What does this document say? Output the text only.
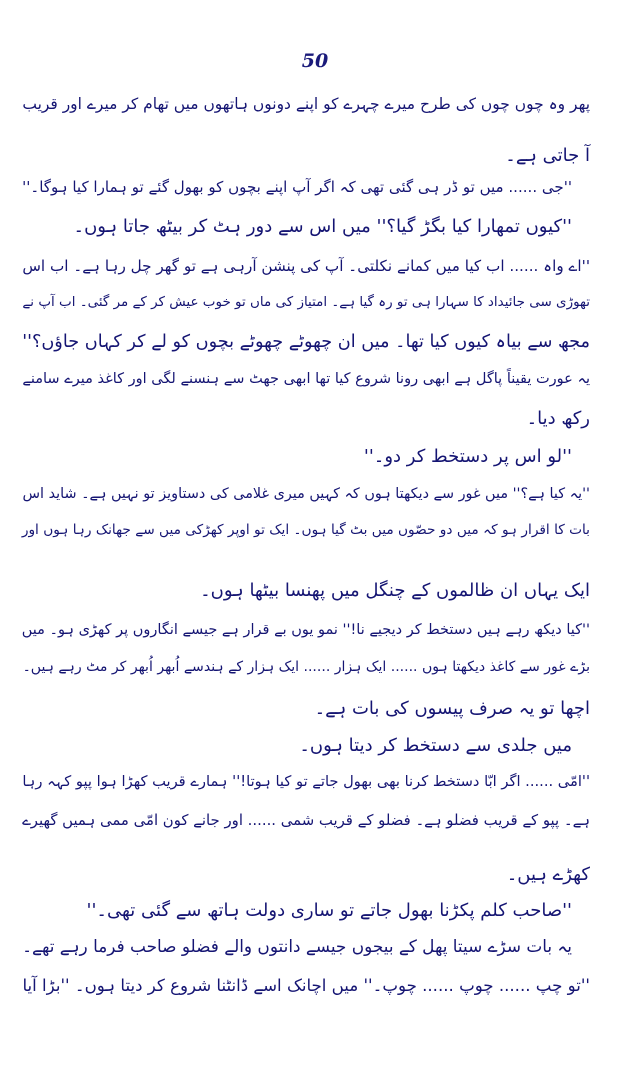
50
پھر وہ چوں چوں کی طرح میرے چہرے کو اپنے دونوں ہاتھوں میں تھام کر میرے اور قریب
آ جاتی ہے۔
''جی ...... میں تو ڈر ہی گئی تھی کہ اگر آپ اپنے بچوں کو بھول گئے تو ہمارا کیا ہوگا۔''
''کیوں تمھارا کیا بگڑ گیا؟'' میں اس سے دور ہٹ کر بیٹھ جاتا ہوں۔
''اے واہ ...... اب کیا میں کمانے نکلتی۔ آپ کی پنشن آرہی ہے تو گھر چل رہا ہے۔ اب اس
تھوڑی سی جائیداد کا سہارا ہی تو رہ گیا ہے۔ امتیاز کی ماں تو خوب عیش کر کے مر گئی۔ اب آپ نے
مجھ سے بیاہ کیوں کیا تھا۔ میں ان چھوٹے چھوٹے بچوں کو لے کر کہاں جاؤں؟''
یہ عورت یقیناً پاگل ہے ابھی رونا شروع کیا تھا ابھی جھٹ سے ہنسنے لگی اور کاغذ میرے سامنے
رکھ دیا۔
''لو اس پر دستخط کر دو۔''
''یہ کیا ہے؟'' میں غور سے دیکھتا ہوں کہ کہیں میری غلامی کی دستاویز تو نہیں ہے۔ شاید اس
بات کا اقرار ہو کہ میں دو حصّوں میں بٹ گیا ہوں۔ ایک تو اوپر کھڑکی میں سے جھانک رہا ہوں اور
ایک یہاں ان ظالموں کے چنگل میں پھنسا بیٹھا ہوں۔
''کیا دیکھ رہے ہیں دستخط کر دیجیے نا!'' نمو یوں بے قرار ہے جیسے انگاروں پر کھڑی ہو۔ میں
بڑے غور سے کاغذ دیکھتا ہوں ...... ایک ہزار ...... ایک ہزار کے ہندسے اُبھر اُبھر کر مٹ رہے ہیں۔
اچھا تو یہ صرف پیسوں کی بات ہے۔
میں جلدی سے دستخط کر دیتا ہوں۔
''امّی ...... اگر ابّا دستخط کرنا بھی بھول جاتے تو کیا ہوتا!'' ہمارے قریب کھڑا ہوا پپو کہہ رہا
ہے۔ پپو کے قریب فضلو ہے۔ فضلو کے قریب شمی ...... اور جانے کون امّی ممی ہمیں گھیرے
کھڑے ہیں۔
''صاحب کلم پکڑنا بھول جاتے تو ساری دولت ہاتھ سے گئی تھی۔''
یہ بات سڑے سیتا پھل کے بیجوں جیسے دانتوں والے فضلو صاحب فرما رہے تھے۔
''تو چپ ...... چوپ ...... چوپ۔'' میں اچانک اسے ڈانٹنا شروع کر دیتا ہوں۔ ''بڑا آیا
